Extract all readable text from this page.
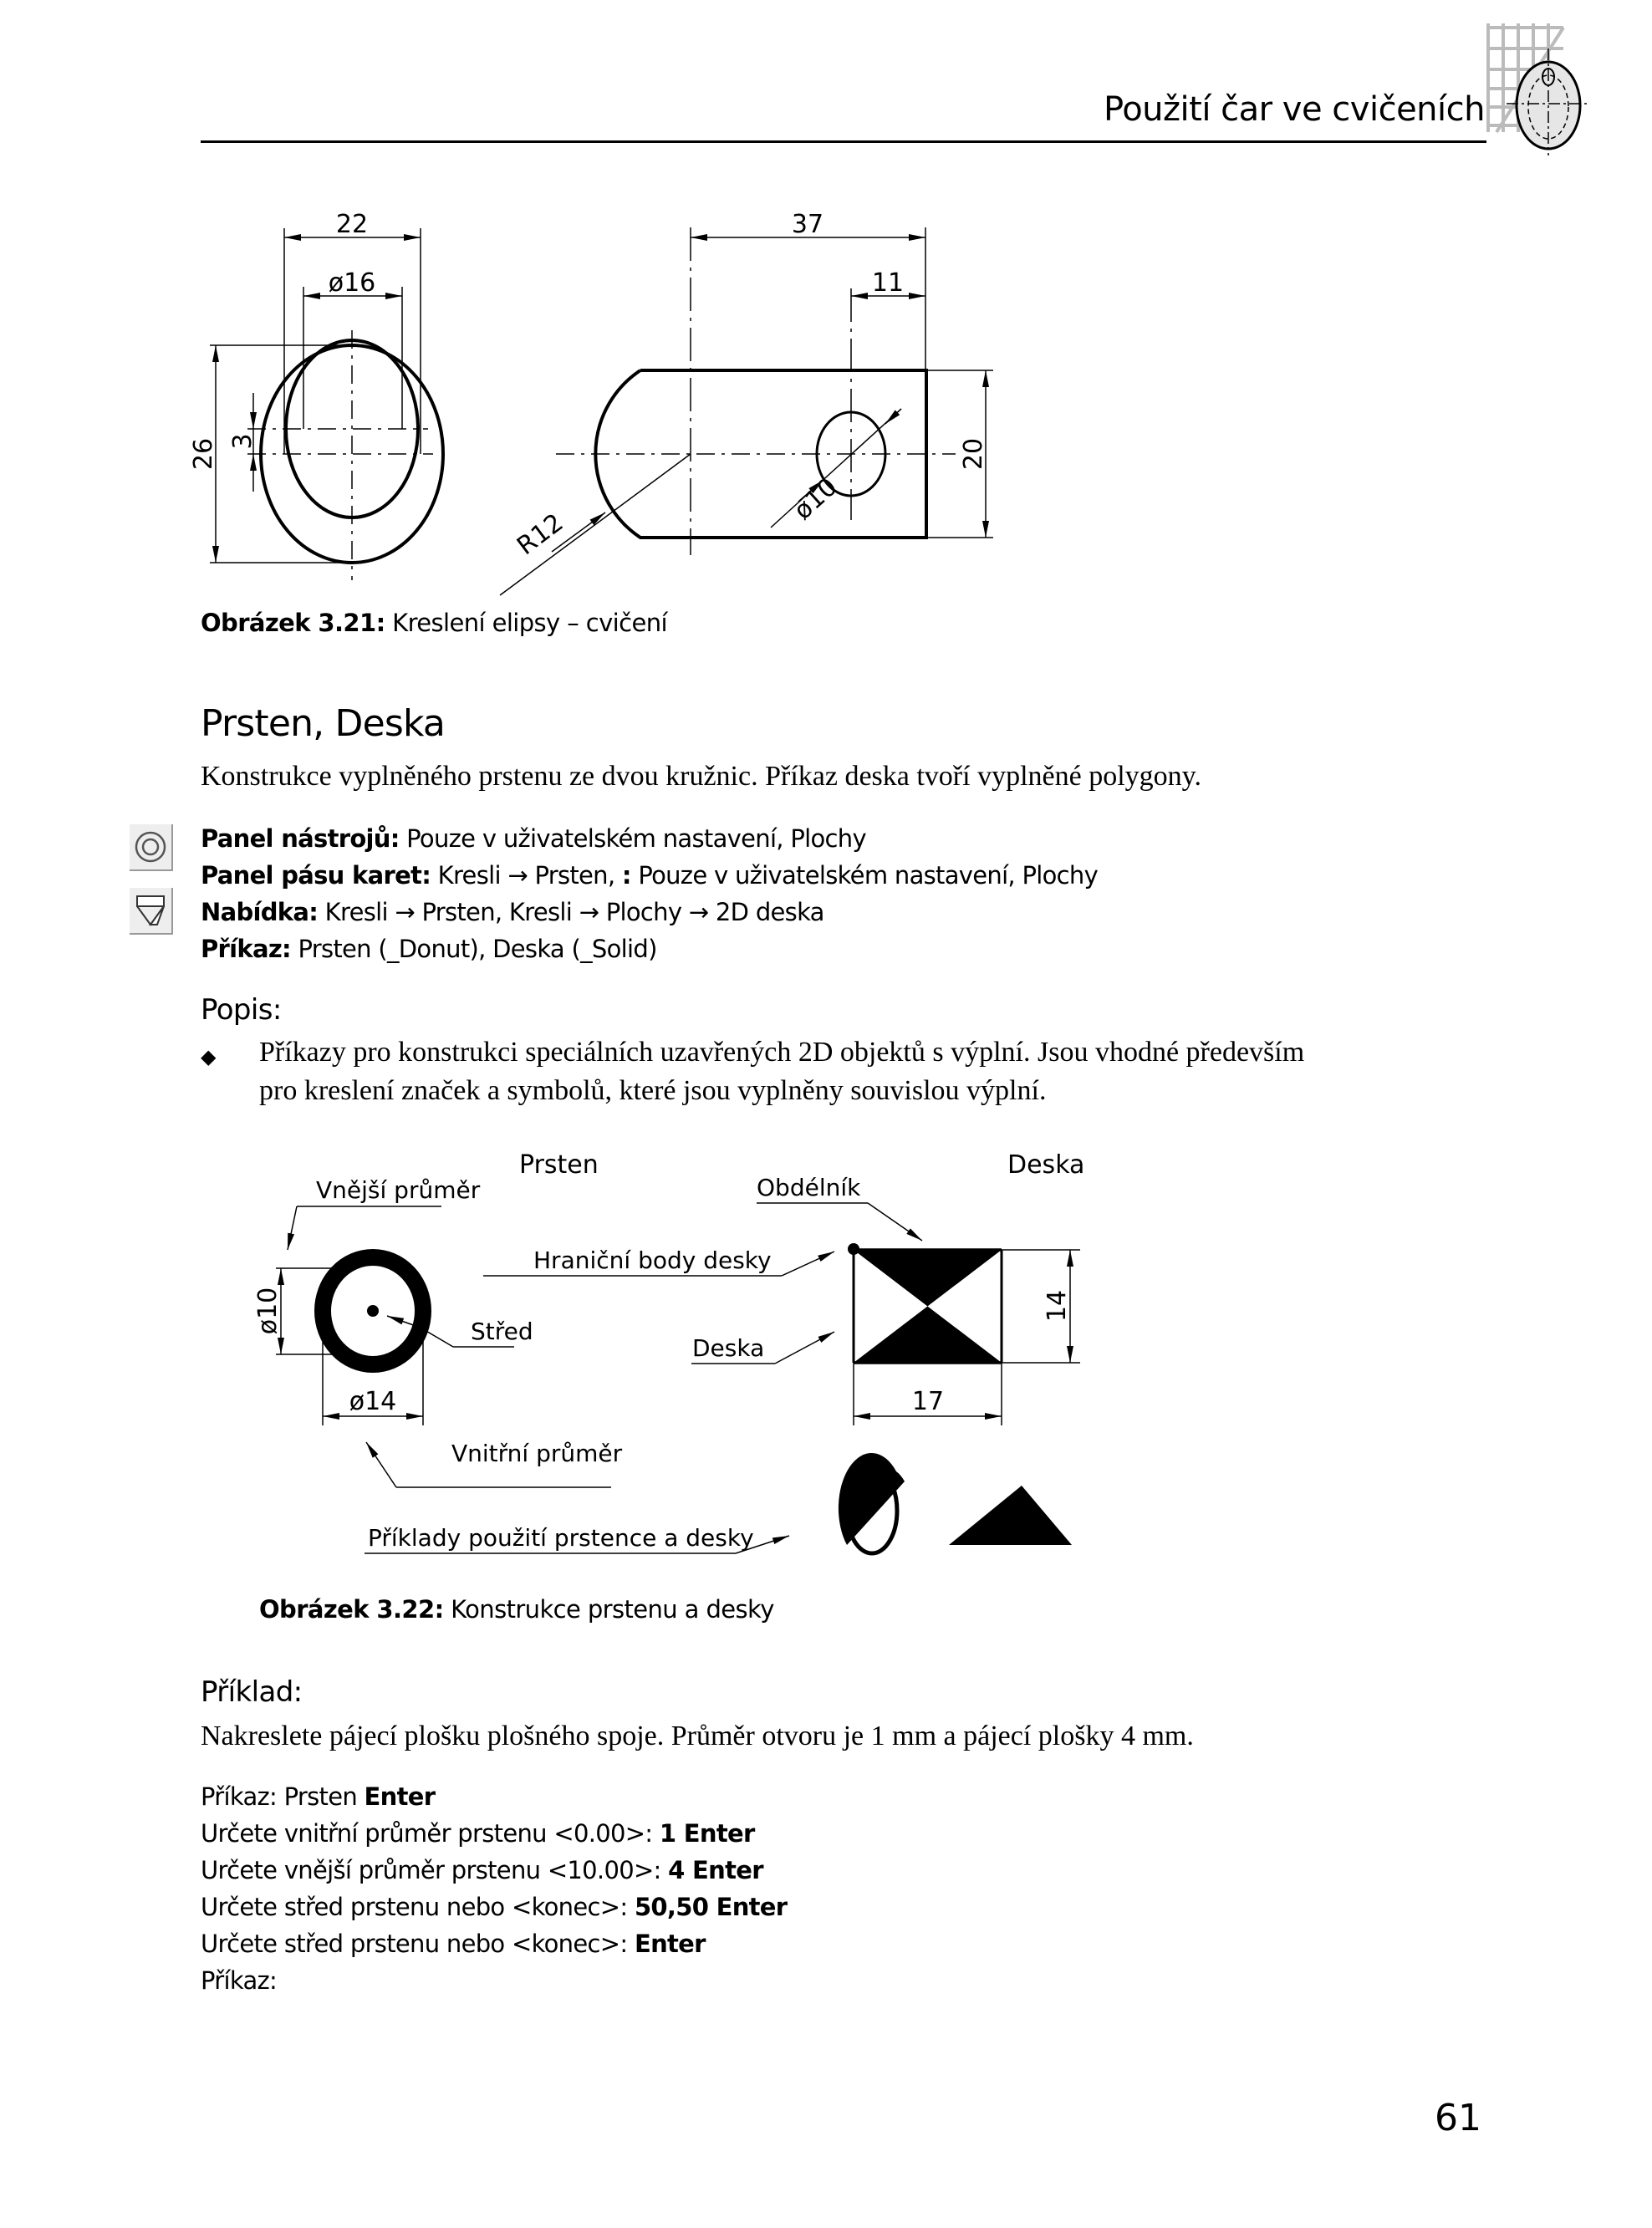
Použití čar ve cvičeních
22
ø16
26 3
37
11
20
R12
ø10
Obrázek 3.21: Kreslení elipsy – cvičení
Prsten, Deska
Konstrukce vyplněného prstenu ze dvou kružnic. Příkaz deska tvoří vyplněné polygony.
Panel nástrojů: Pouze v uživatelském nastavení, Plochy
Panel pásu karet: Kresli → Prsten, : Pouze v uživatelském nastavení, Plochy
Nabídka: Kresli → Prsten, Kresli → Plochy → 2D deska
Příkaz: Prsten (_Donut), Deska (_Solid)
Popis:
◆ Příkazy pro konstrukci speciálních uzavřených 2D objektů s výplní. Jsou vhodné především
pro kreslení značek a symbolů, které jsou vyplněny souvislou výplní.
Prsten	Deska
Vnější průměr
Vnitřní průměr
Střed
Obdélník
Hraniční body desky
Deska
Příklady použití prstence a desky
ø10
ø14	17
14
Obrázek 3.22: Konstrukce prstenu a desky
Příklad:
Nakreslete pájecí plošku plošného spoje. Průměr otvoru je 1 mm a pájecí plošky 4 mm.
Příkaz: Prsten Enter
Určete vnitřní průměr prstenu <0.00>: 1 Enter
Určete vnější průměr prstenu <10.00>: 4 Enter
Určete střed prstenu nebo <konec>: 50,50 Enter
Určete střed prstenu nebo <konec>: Enter
Příkaz:
61
